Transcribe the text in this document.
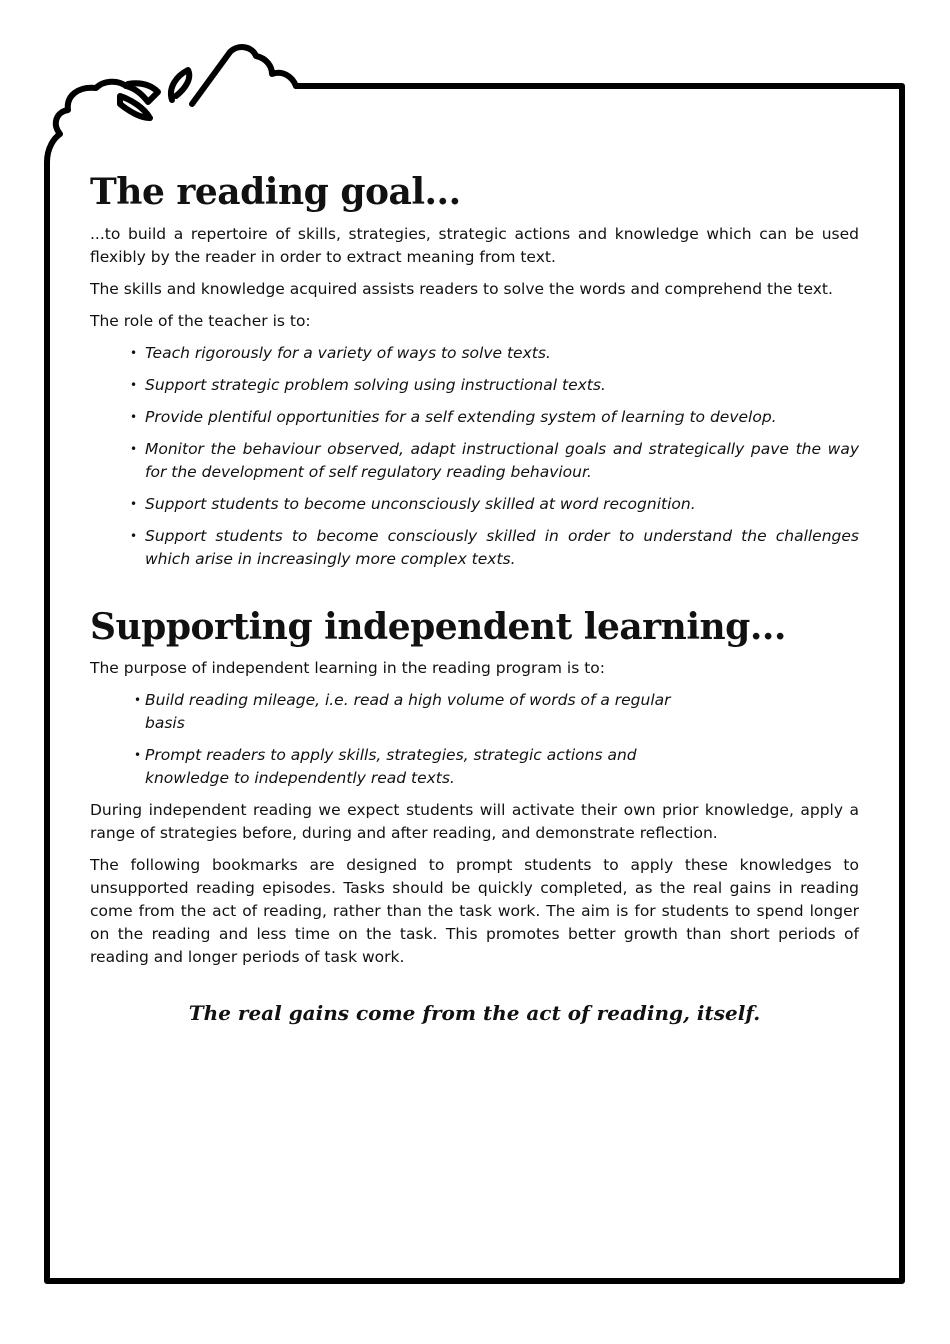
The reading goal...

...to build a repertoire of skills, strategies, strategic actions and knowledge which can be used flexibly by the reader in order to extract meaning from text.

The skills and knowledge acquired assists readers to solve the words and comprehend the text.

The role of the teacher is to:

• Teach rigorously for a variety of ways to solve texts.
• Support strategic problem solving using instructional texts.
• Provide plentiful opportunities for a self extending system of learning to develop.
• Monitor the behaviour observed, adapt instructional goals and strategically pave the way for the development of self regulatory reading behaviour.
• Support students to become unconsciously skilled at word recognition.
• Support students to become consciously skilled in order to understand the challenges which arise in increasingly more complex texts.
Supporting independent learning...

The purpose of independent learning in the reading program is to:

• Build reading mileage, i.e. read a high volume of words of a regular basis
• Prompt readers to apply skills, strategies, strategic actions and knowledge to independently read texts.

During independent reading we expect students will activate their own prior knowledge, apply a range of strategies before, during and after reading, and demonstrate reflection.

The following bookmarks are designed to prompt students to apply these knowledges to unsupported reading episodes. Tasks should be quickly completed, as the real gains in reading come from the act of reading, rather than the task work. The aim is for students to spend longer on the reading and less time on the task. This promotes better growth than short periods of reading and longer periods of task work.

The real gains come from the act of reading, itself.
